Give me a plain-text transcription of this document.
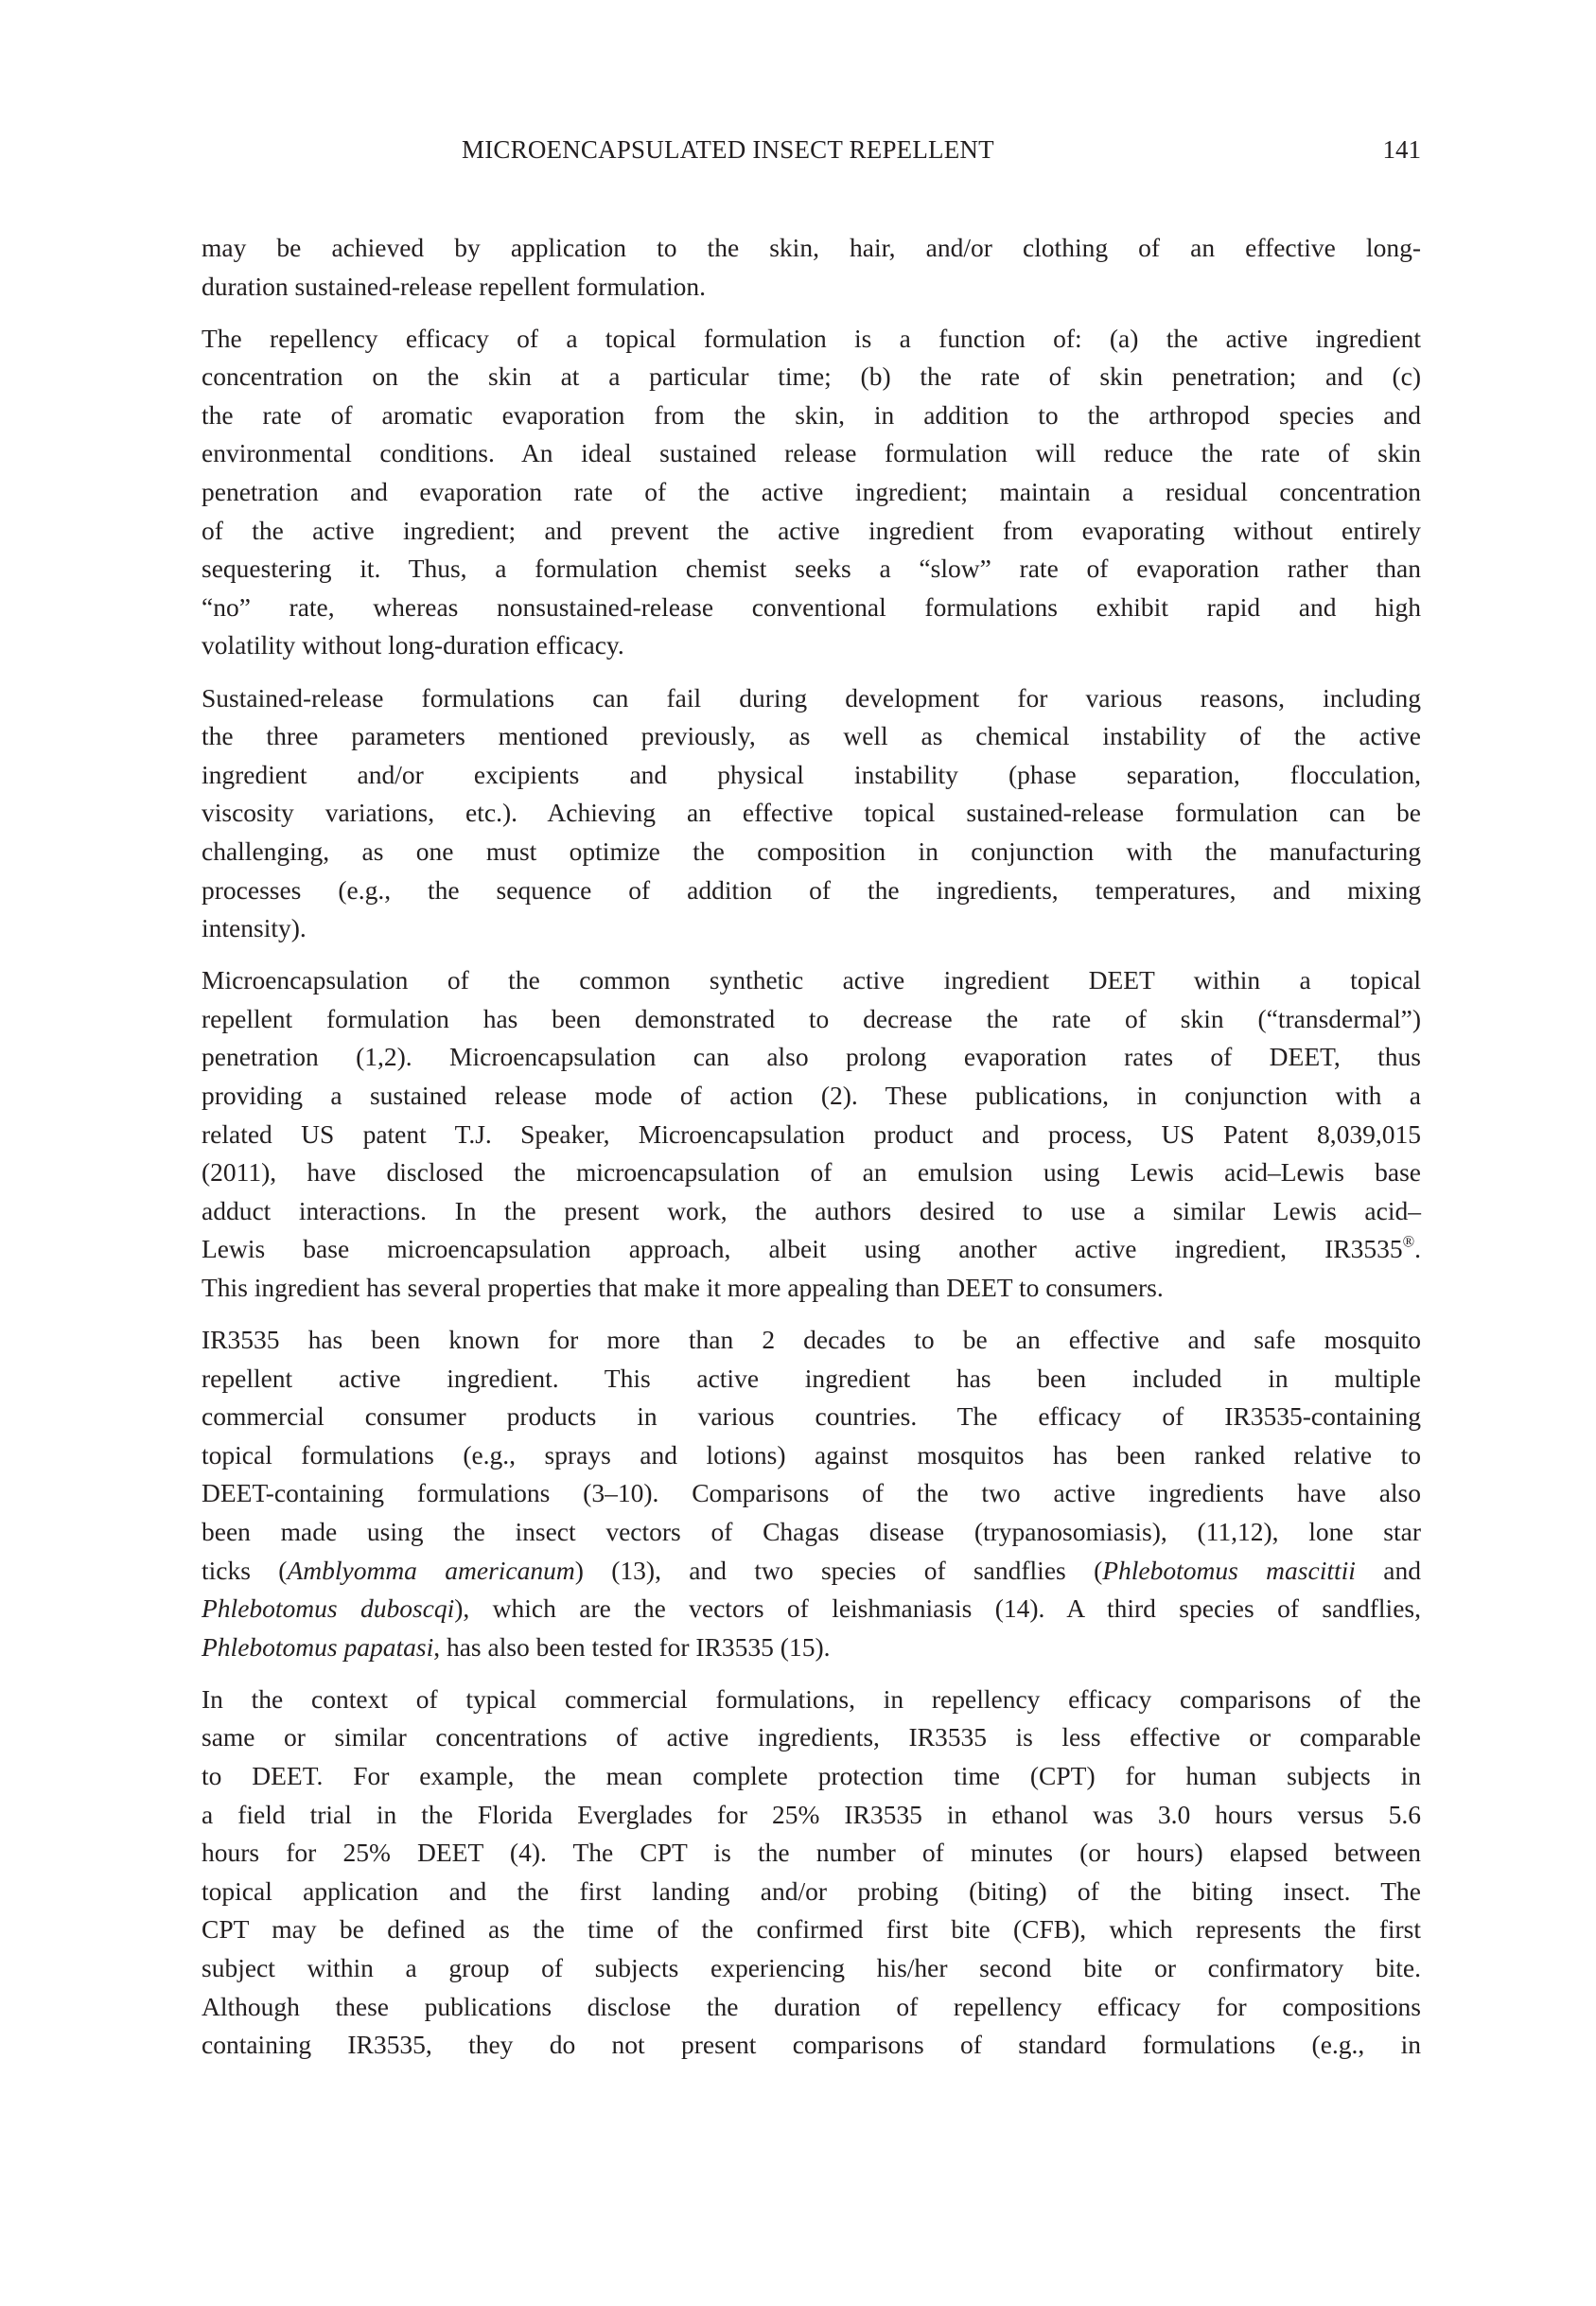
MICROENCAPSULATED INSECT REPELLENT	141
may be achieved by application to the skin, hair, and/or clothing of an effective long-
duration sustained-release repellent formulation.
The repellency efficacy of a topical formulation is a function of: (a) the active ingredient
concentration on the skin at a particular time; (b) the rate of skin penetration; and (c)
the rate of aromatic evaporation from the skin, in addition to the arthropod species and
environmental conditions. An ideal sustained release formulation will reduce the rate of skin
penetration and evaporation rate of the active ingredient; maintain a residual concentration
of the active ingredient; and prevent the active ingredient from evaporating without entirely
sequestering it. Thus, a formulation chemist seeks a “slow” rate of evaporation rather than
“no” rate, whereas nonsustained-release conventional formulations exhibit rapid and high
volatility without long-duration efficacy.
Sustained-release formulations can fail during development for various reasons, including
the three parameters mentioned previously, as well as chemical instability of the active
ingredient and/or excipients and physical instability (phase separation, flocculation,
viscosity variations, etc.). Achieving an effective topical sustained-release formulation can be
challenging, as one must optimize the composition in conjunction with the manufacturing
processes (e.g., the sequence of addition of the ingredients, temperatures, and mixing
intensity).
Microencapsulation of the common synthetic active ingredient DEET within a topical
repellent formulation has been demonstrated to decrease the rate of skin (“transdermal”)
penetration (1,2). Microencapsulation can also prolong evaporation rates of DEET, thus
providing a sustained release mode of action (2). These publications, in conjunction with a
related US patent T.J. Speaker, Microencapsulation product and process, US Patent 8,039,015
(2011), have disclosed the microencapsulation of an emulsion using Lewis acid–Lewis base
adduct interactions. In the present work, the authors desired to use a similar Lewis acid–
Lewis base microencapsulation approach, albeit using another active ingredient, IR3535®.
This ingredient has several properties that make it more appealing than DEET to consumers.
IR3535 has been known for more than 2 decades to be an effective and safe mosquito
repellent active ingredient. This active ingredient has been included in multiple
commercial consumer products in various countries. The efficacy of IR3535-containing
topical formulations (e.g., sprays and lotions) against mosquitos has been ranked relative to
DEET-containing formulations (3–10). Comparisons of the two active ingredients have also
been made using the insect vectors of Chagas disease (trypanosomiasis), (11,12), lone star
ticks (Amblyomma americanum) (13), and two species of sandflies (Phlebotomus mascittii and
Phlebotomus duboscqi), which are the vectors of leishmaniasis (14). A third species of sandflies,
Phlebotomus papatasi, has also been tested for IR3535 (15).
In the context of typical commercial formulations, in repellency efficacy comparisons of the
same or similar concentrations of active ingredients, IR3535 is less effective or comparable
to DEET. For example, the mean complete protection time (CPT) for human subjects in
a field trial in the Florida Everglades for 25% IR3535 in ethanol was 3.0 hours versus 5.6
hours for 25% DEET (4). The CPT is the number of minutes (or hours) elapsed between
topical application and the first landing and/or probing (biting) of the biting insect. The
CPT may be defined as the time of the confirmed first bite (CFB), which represents the first
subject within a group of subjects experiencing his/her second bite or confirmatory bite.
Although these publications disclose the duration of repellency efficacy for compositions
containing IR3535, they do not present comparisons of standard formulations (e.g., in
